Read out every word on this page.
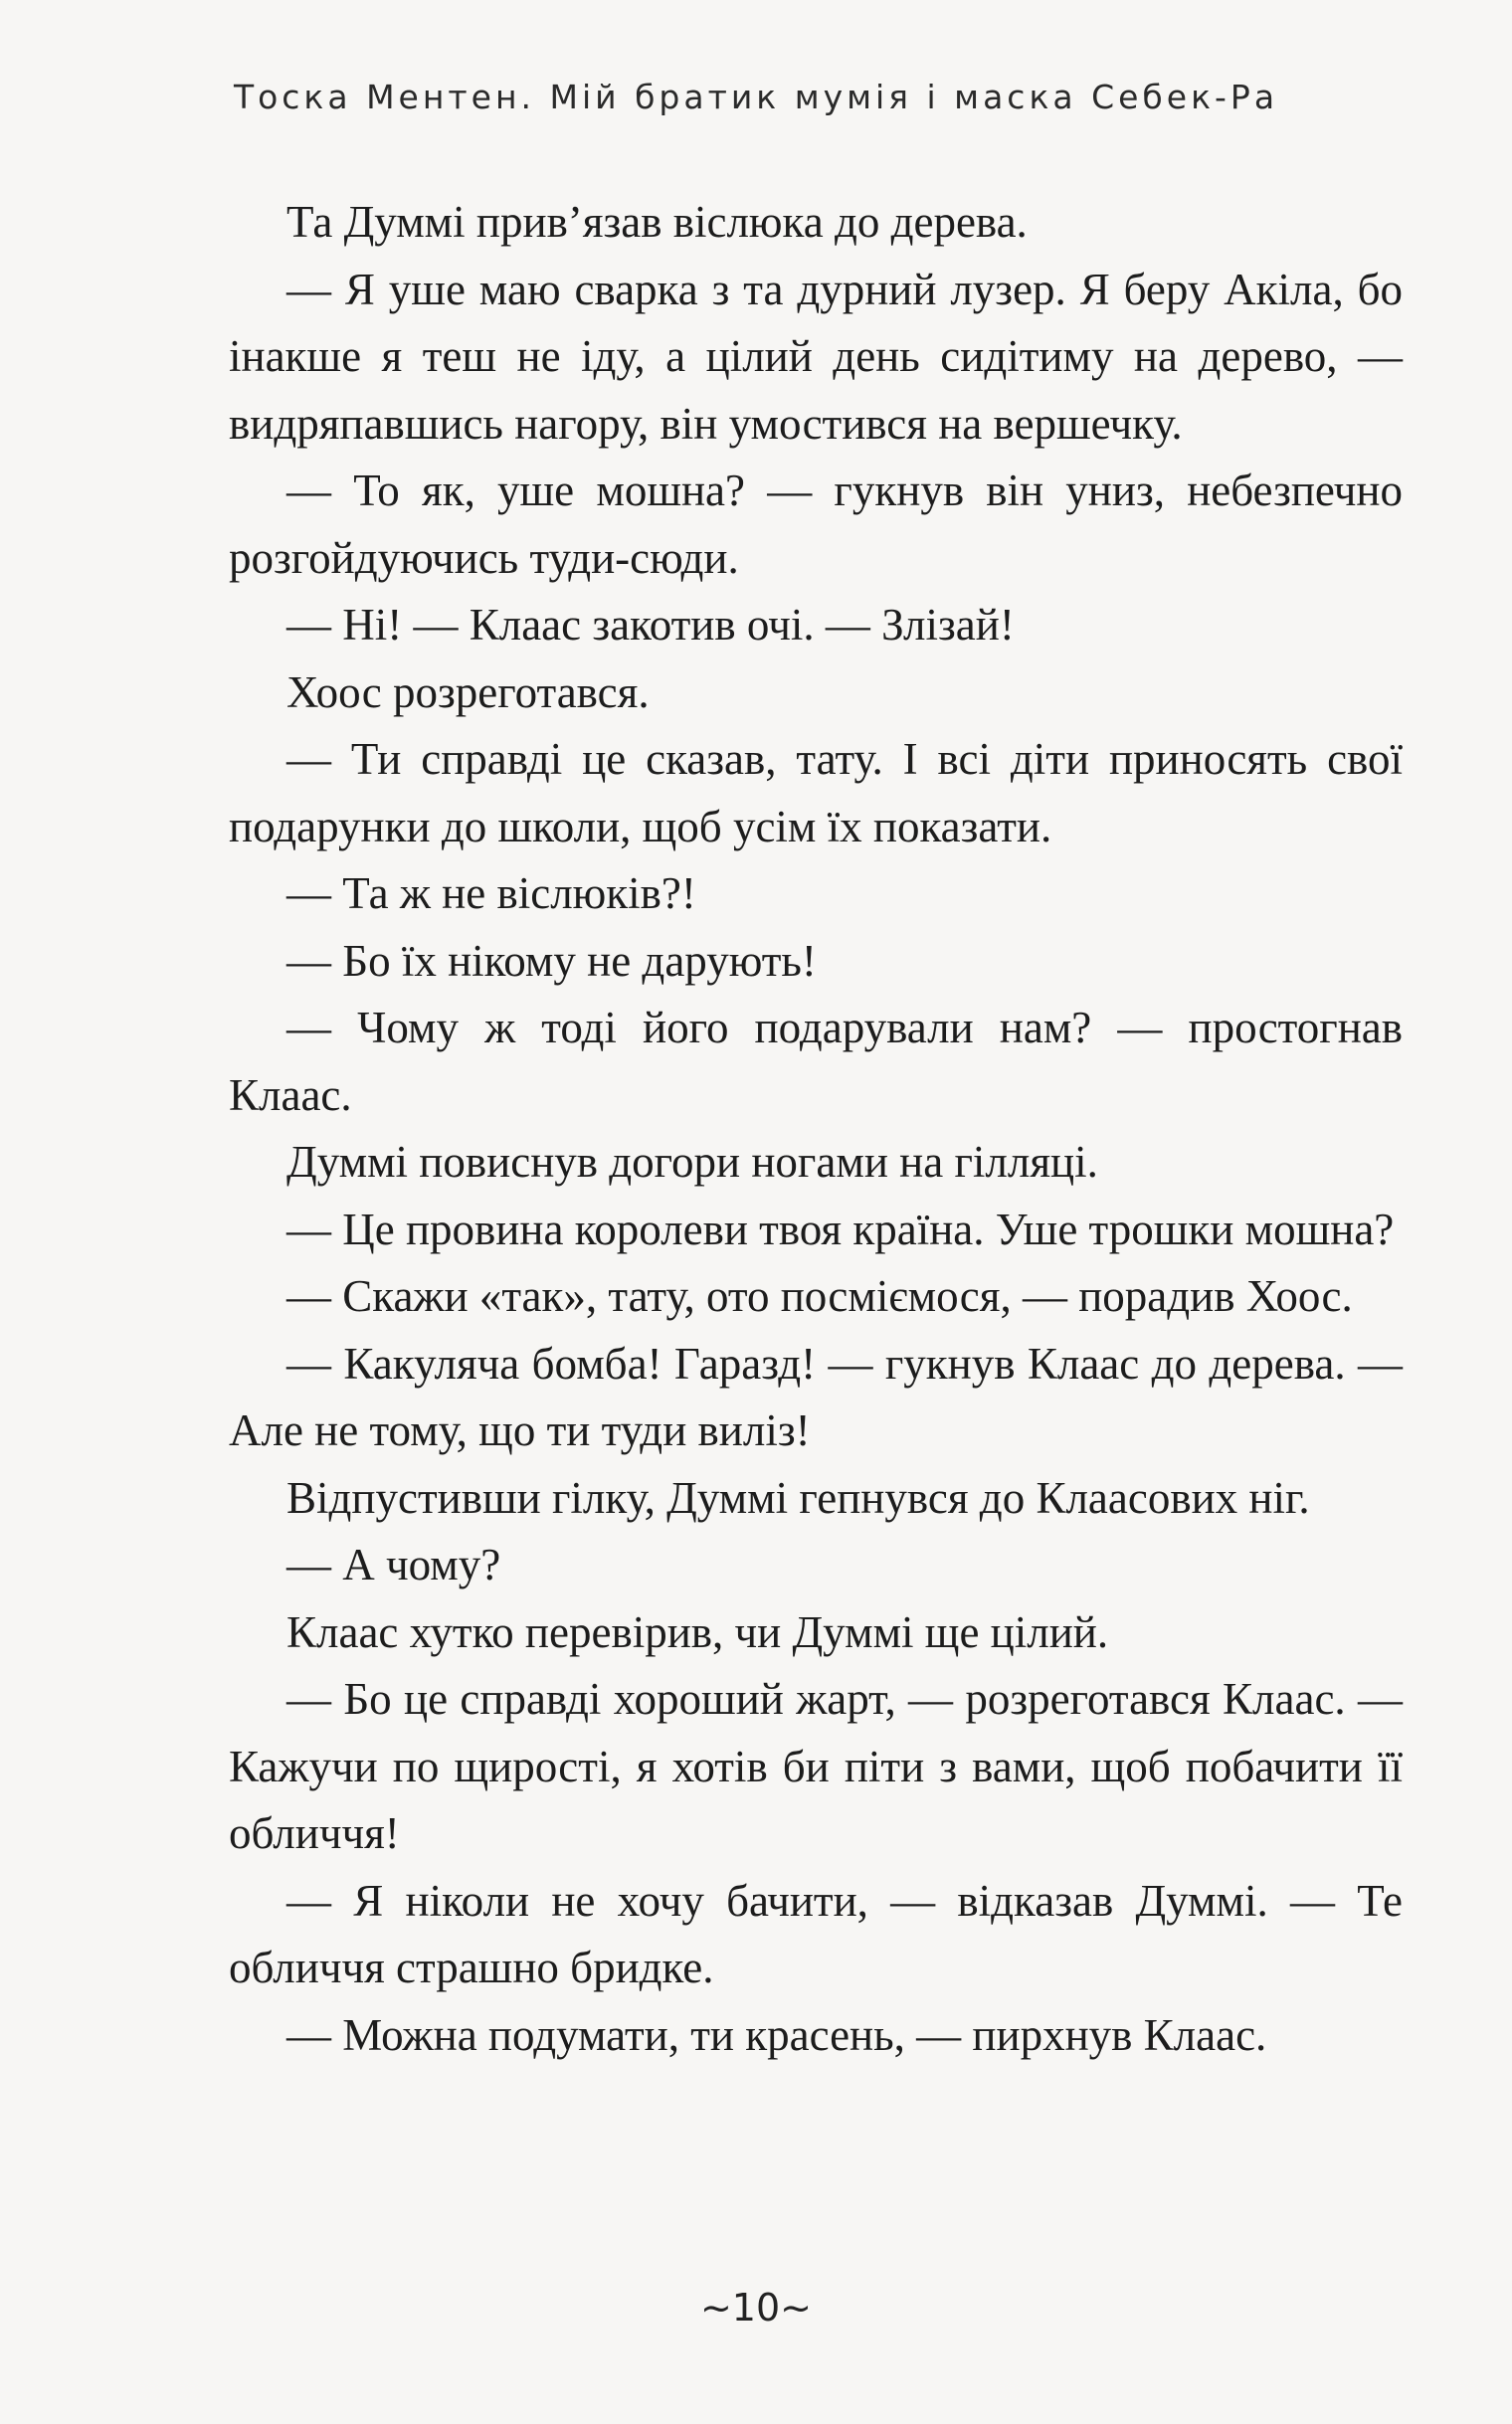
Тоска Ментен. Мій братик мумія і маска Себек-Ра

Та Думмі прив’язав віслюка до дерева.

— Я уше маю сварка з та дурний лузер. Я беру Акіла, бо інакше я теш не іду, а цілий день сидітиму на дерево, — видряпавшись нагору, він умостився на вершечку.

— То як, уше мошна? — гукнув він униз, небезпечно розгойдуючись туди-сюди.

— Ні! — Клаас закотив очі. — Злізай!

Хоос розреготався.

— Ти справді це сказав, тату. І всі діти приносять свої подарунки до школи, щоб усім їх показати.

— Та ж не віслюків?!

— Бо їх нікому не дарують!

— Чому ж тоді його подарували нам? — простогнав Клаас.

Думмі повиснув догори ногами на гілляці.

— Це провина королеви твоя країна. Уше трошки мошна?

— Скажи «так», тату, ото посміємося, — порадив Хоос.

— Какуляча бомба! Гаразд! — гукнув Клаас до дерева. — Але не тому, що ти туди виліз!

Відпустивши гілку, Думмі гепнувся до Клаасових ніг.

— А чому?

Клаас хутко перевірив, чи Думмі ще цілий.

— Бо це справді хороший жарт, — розреготався Клаас. — Кажучи по щирості, я хотів би піти з вами, щоб побачити її обличчя!

— Я ніколи не хочу бачити, — відказав Думмі. — Те обличчя страшно бридке.

— Можна подумати, ти красень, — пирхнув Клаас.

~10~
